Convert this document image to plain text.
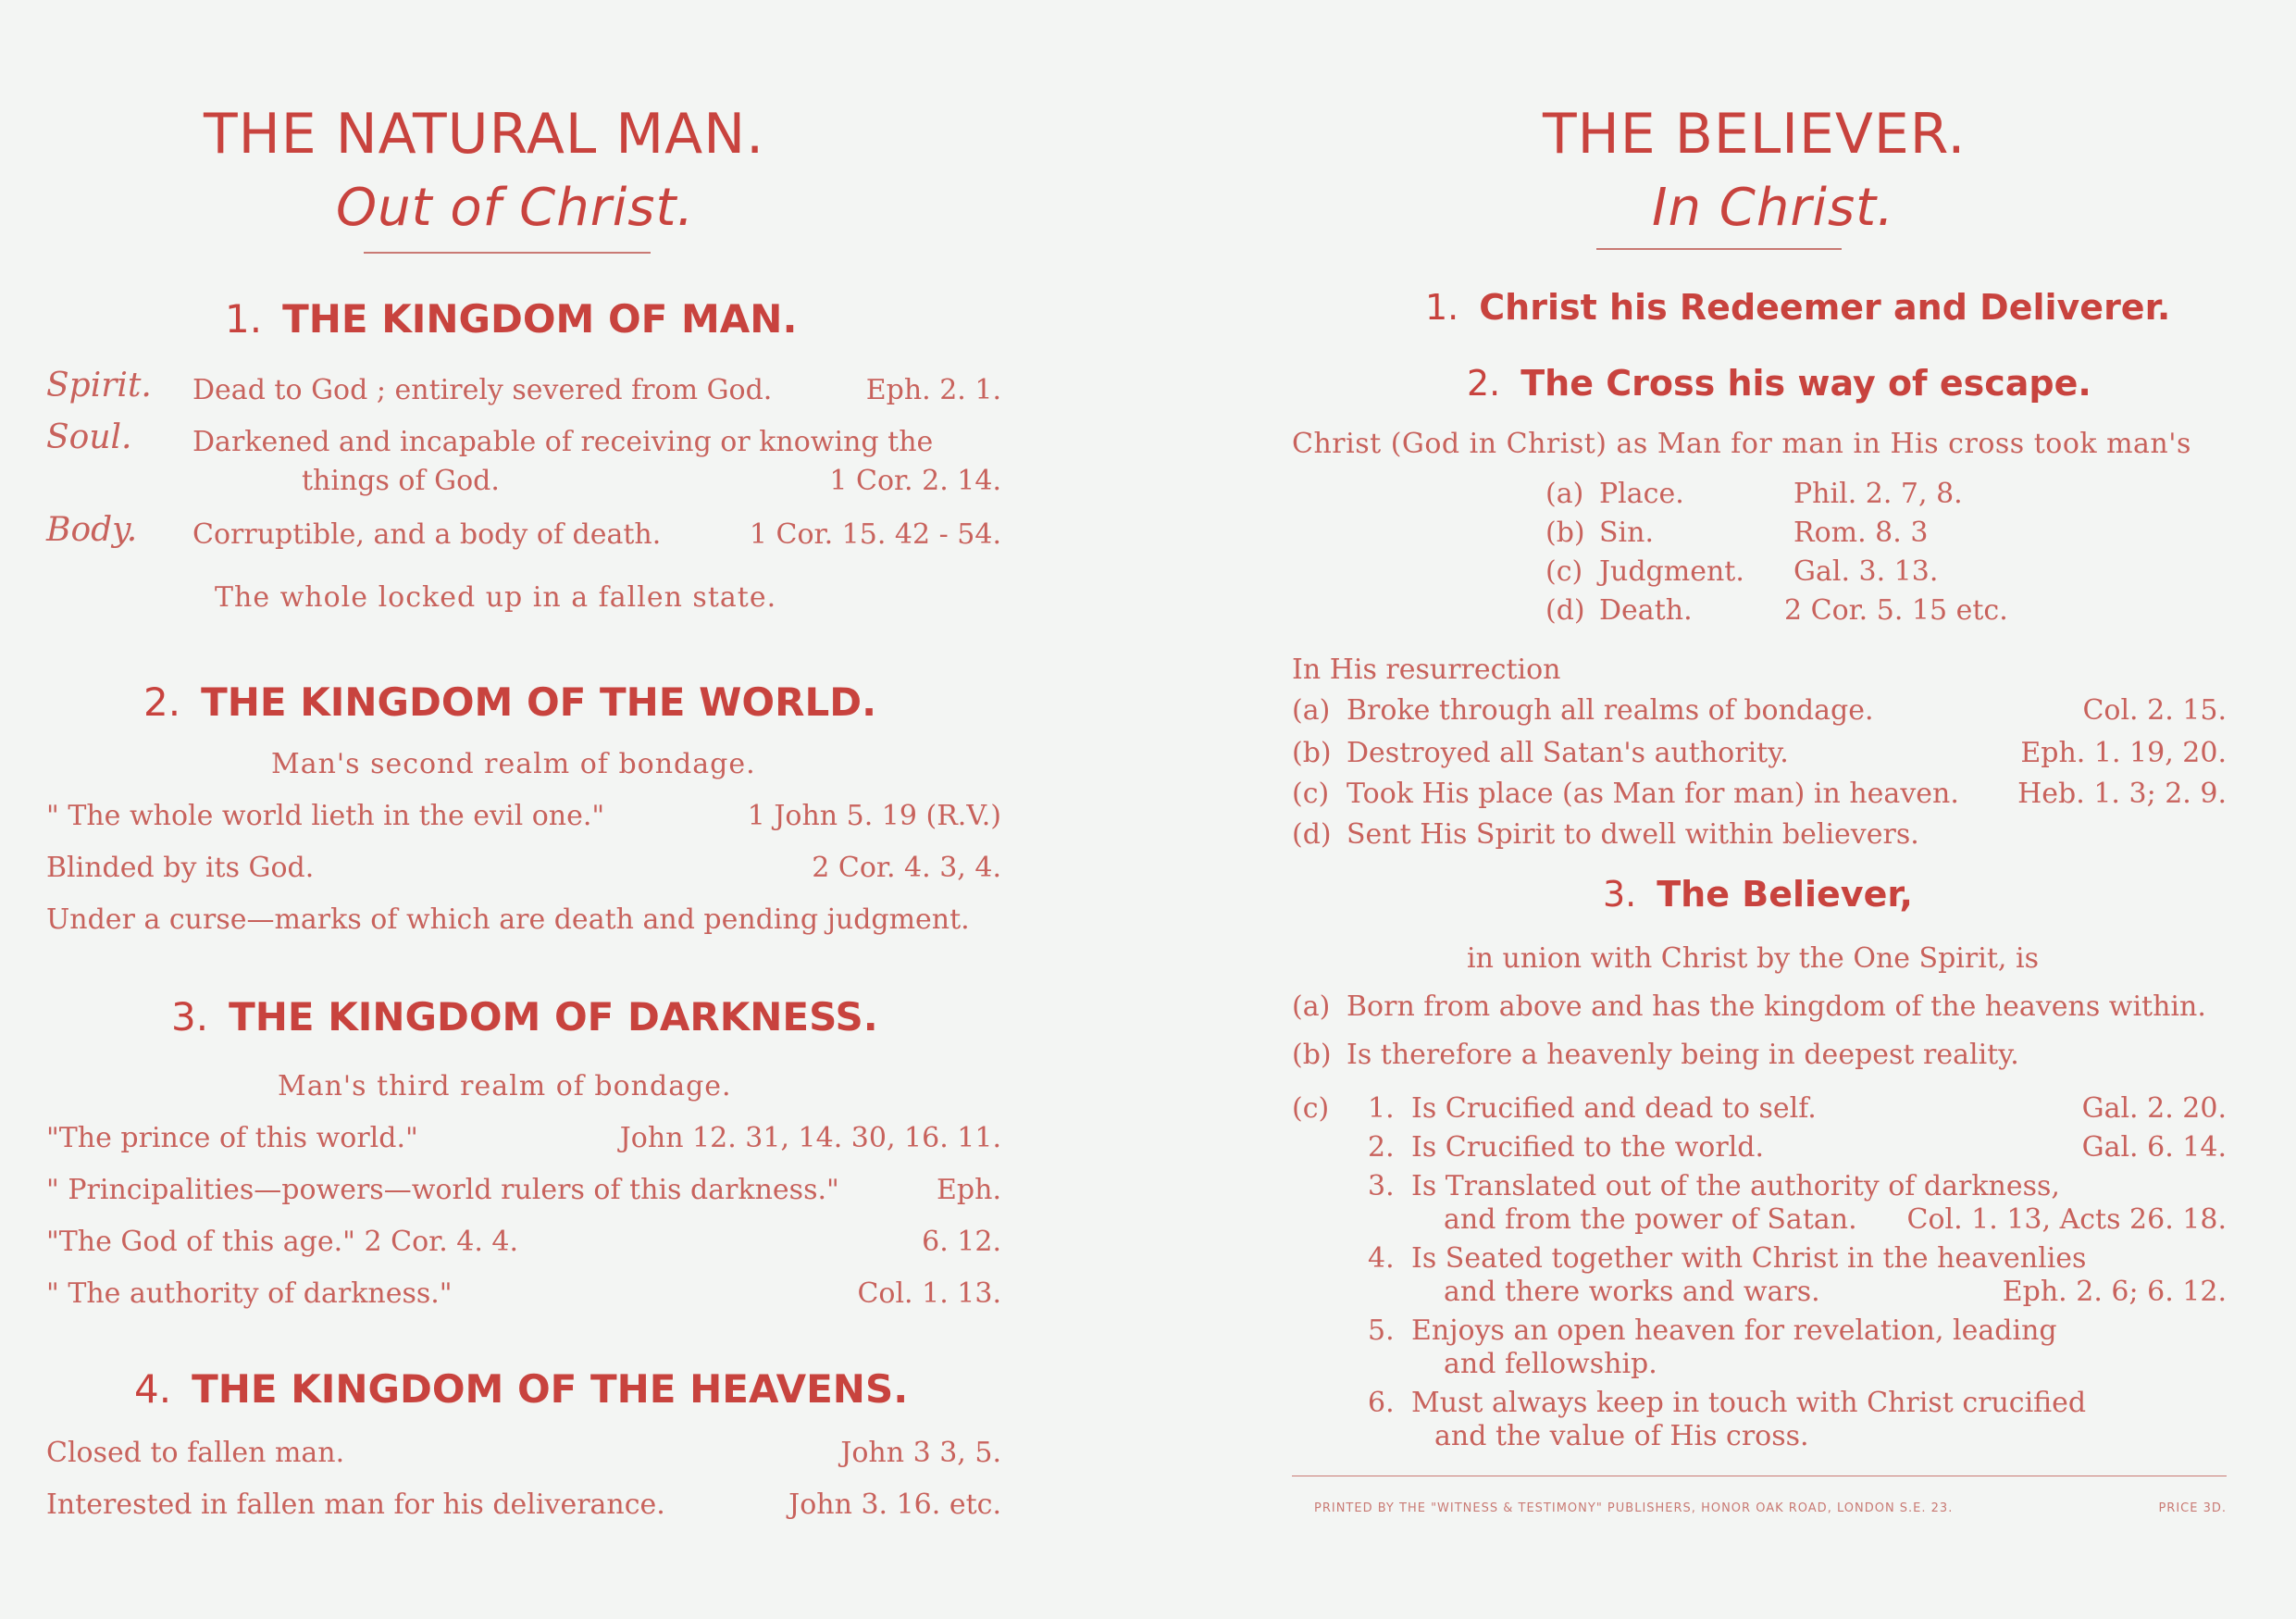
THE NATURAL MAN.
Out of Christ.
1. THE KINGDOM OF MAN.
Spirit. Dead to God ; entirely severed from God.	Eph. 2. 1.
Soul. Darkened and incapable of receiving or knowing the
things of God.	1 Cor. 2. 14.
Body. Corruptible, and a body of death.	1 Cor. 15. 42 - 54.
The whole locked up in a fallen state.
2. THE KINGDOM OF THE WORLD.
Man's second realm of bondage.
" The whole world lieth in the evil one."	1 John 5. 19 (R.V.)
Blinded by its God.	2 Cor. 4. 3, 4.
Under a curse—marks of which are death and pending judgment.
3. THE KINGDOM OF DARKNESS.
Man's third realm of bondage.
"The prince of this world."	John 12. 31, 14. 30, 16. 11.
" Principalities—powers—world rulers of this darkness."	Eph.
"The God of this age." 2 Cor. 4. 4.	6. 12.
" The authority of darkness."	Col. 1. 13.
4. THE KINGDOM OF THE HEAVENS.
Closed to fallen man.	John 3 3, 5.
Interested in fallen man for his deliverance.	John 3. 16. etc.
THE BELIEVER.
In Christ.
1. Christ his Redeemer and Deliverer.
2. The Cross his way of escape.
Christ (God in Christ) as Man for man in His cross took man's
(a) Place.	Phil. 2. 7, 8.
(b) Sin.	Rom. 8. 3
(c) Judgment. Gal. 3. 13.
(d) Death.	2 Cor. 5. 15 etc.
In His resurrection
(a) Broke through all realms of bondage.	Col. 2. 15.
(b) Destroyed all Satan's authority.	Eph. 1. 19, 20.
(c) Took His place (as Man for man) in heaven. Heb. 1. 3; 2. 9.
(d) Sent His Spirit to dwell within believers.
3. The Believer,
in union with Christ by the One Spirit, is
(a) Born from above and has the kingdom of the heavens within.
(b) Is therefore a heavenly being in deepest reality.
(c) 1. Is Crucified and dead to self.	Gal. 2. 20.
2. Is Crucified to the world.	Gal. 6. 14.
3. Is Translated out of the authority of darkness,
and from the power of Satan. Col. 1. 13, Acts 26. 18.
4. Is Seated together with Christ in the heavenlies
and there works and wars.	Eph. 2. 6; 6. 12.
5. Enjoys an open heaven for revelation, leading
and fellowship.
6. Must always keep in touch with Christ crucified
and the value of His cross.
PRINTED BY THE "WITNESS & TESTIMONY" PUBLISHERS, HONOR OAK ROAD, LONDON S.E. 23.	PRICE 3D.
